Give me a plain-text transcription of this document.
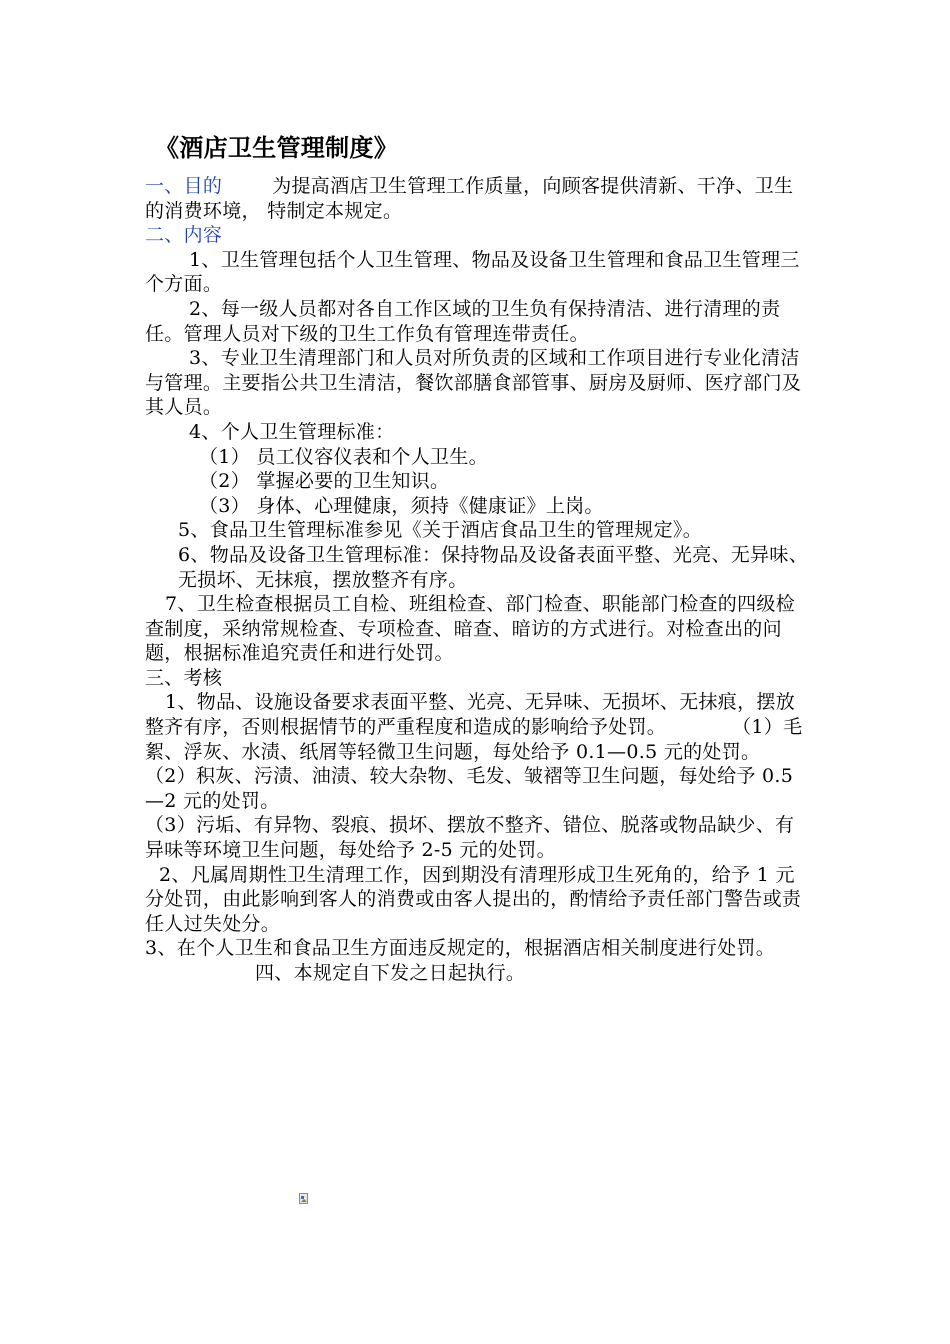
《酒店卫生管理制度》

一、目的	为提高酒店卫生管理工作质量，向顾客提供清新、干净、卫生的消费环境， 特制定本规定。

二、内容

1、卫生管理包括个人卫生管理、物品及设备卫生管理和食品卫生管理三个方面。

2、每一级人员都对各自工作区域的卫生负有保持清洁、进行清理的责任。管理人员对下级的卫生工作负有管理连带责任。

3、专业卫生清理部门和人员对所负责的区域和工作项目进行专业化清洁与管理。主要指公共卫生清洁，餐饮部膳食部管事、厨房及厨师、医疗部门及其人员。

4、个人卫生管理标准：

（1） 员工仪容仪表和个人卫生。

（2） 掌握必要的卫生知识。

（3） 身体、心理健康，须持《健康证》上岗。

5、食品卫生管理标准参见《关于酒店食品卫生的管理规定》。

6、物品及设备卫生管理标准：保持物品及设备表面平整、光亮、无异味、无损坏、无抹痕，摆放整齐有序。

7、卫生检查根据员工自检、班组检查、部门检查、职能部门检查的四级检查制度，采纳常规检查、专项检查、暗查、暗访的方式进行。对检查出的问题，根据标准追究责任和进行处罚。

三、考核

1、物品、设施设备要求表面平整、光亮、无异味、无损坏、无抹痕，摆放整齐有序，否则根据情节的严重程度和造成的影响给予处罚。	（1）毛絮、浮灰、水渍、纸屑等轻微卫生问题，每处给予 0.1—0.5 元的处罚。

（2）积灰、污渍、油渍、较大杂物、毛发、皱褶等卫生问题，每处给予 0.5—2 元的处罚。

（3）污垢、有异物、裂痕、损坏、摆放不整齐、错位、脱落或物品缺少、有异味等环境卫生问题，每处给予 2-5 元的处罚。

2、凡属周期性卫生清理工作，因到期没有清理形成卫生死角的，给予 1 元分处罚，由此影响到客人的消费或由客人提出的，酌情给予责任部门警告或责任人过失处分。

3、在个人卫生和食品卫生方面违反规定的，根据酒店相关制度进行处罚。

四、本规定自下发之日起执行。
